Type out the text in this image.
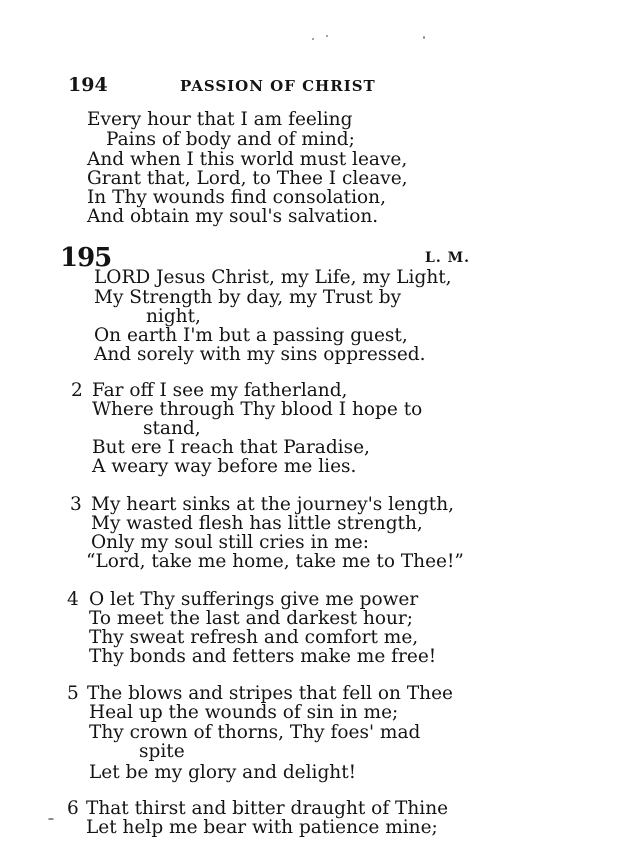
194	PASSION OF CHRIST
Every hour that I am feeling
Pains of body and of mind;
And when I this world must leave,
Grant that, Lord, to Thee I cleave,
In Thy wounds find consolation,
And obtain my soul's salvation.
195	L. M.
LORD Jesus Christ, my Life, my Light,
My Strength by day, my Trust by
night,
On earth I'm but a passing guest,
And sorely with my sins oppressed.
2 Far off I see my fatherland,
Where through Thy blood I hope to
stand,
But ere I reach that Paradise,
A weary way before me lies.
3 My heart sinks at the journey's length,
My wasted flesh has little strength,
Only my soul still cries in me:
“Lord, take me home, take me to Thee!”
4 O let Thy sufferings give me power
To meet the last and darkest hour;
Thy sweat refresh and comfort me,
Thy bonds and fetters make me free!
5 The blows and stripes that fell on Thee
Heal up the wounds of sin in me;
Thy crown of thorns, Thy foes' mad
spite
Let be my glory and delight!
6 That thirst and bitter draught of Thine
Let help me bear with patience mine;
